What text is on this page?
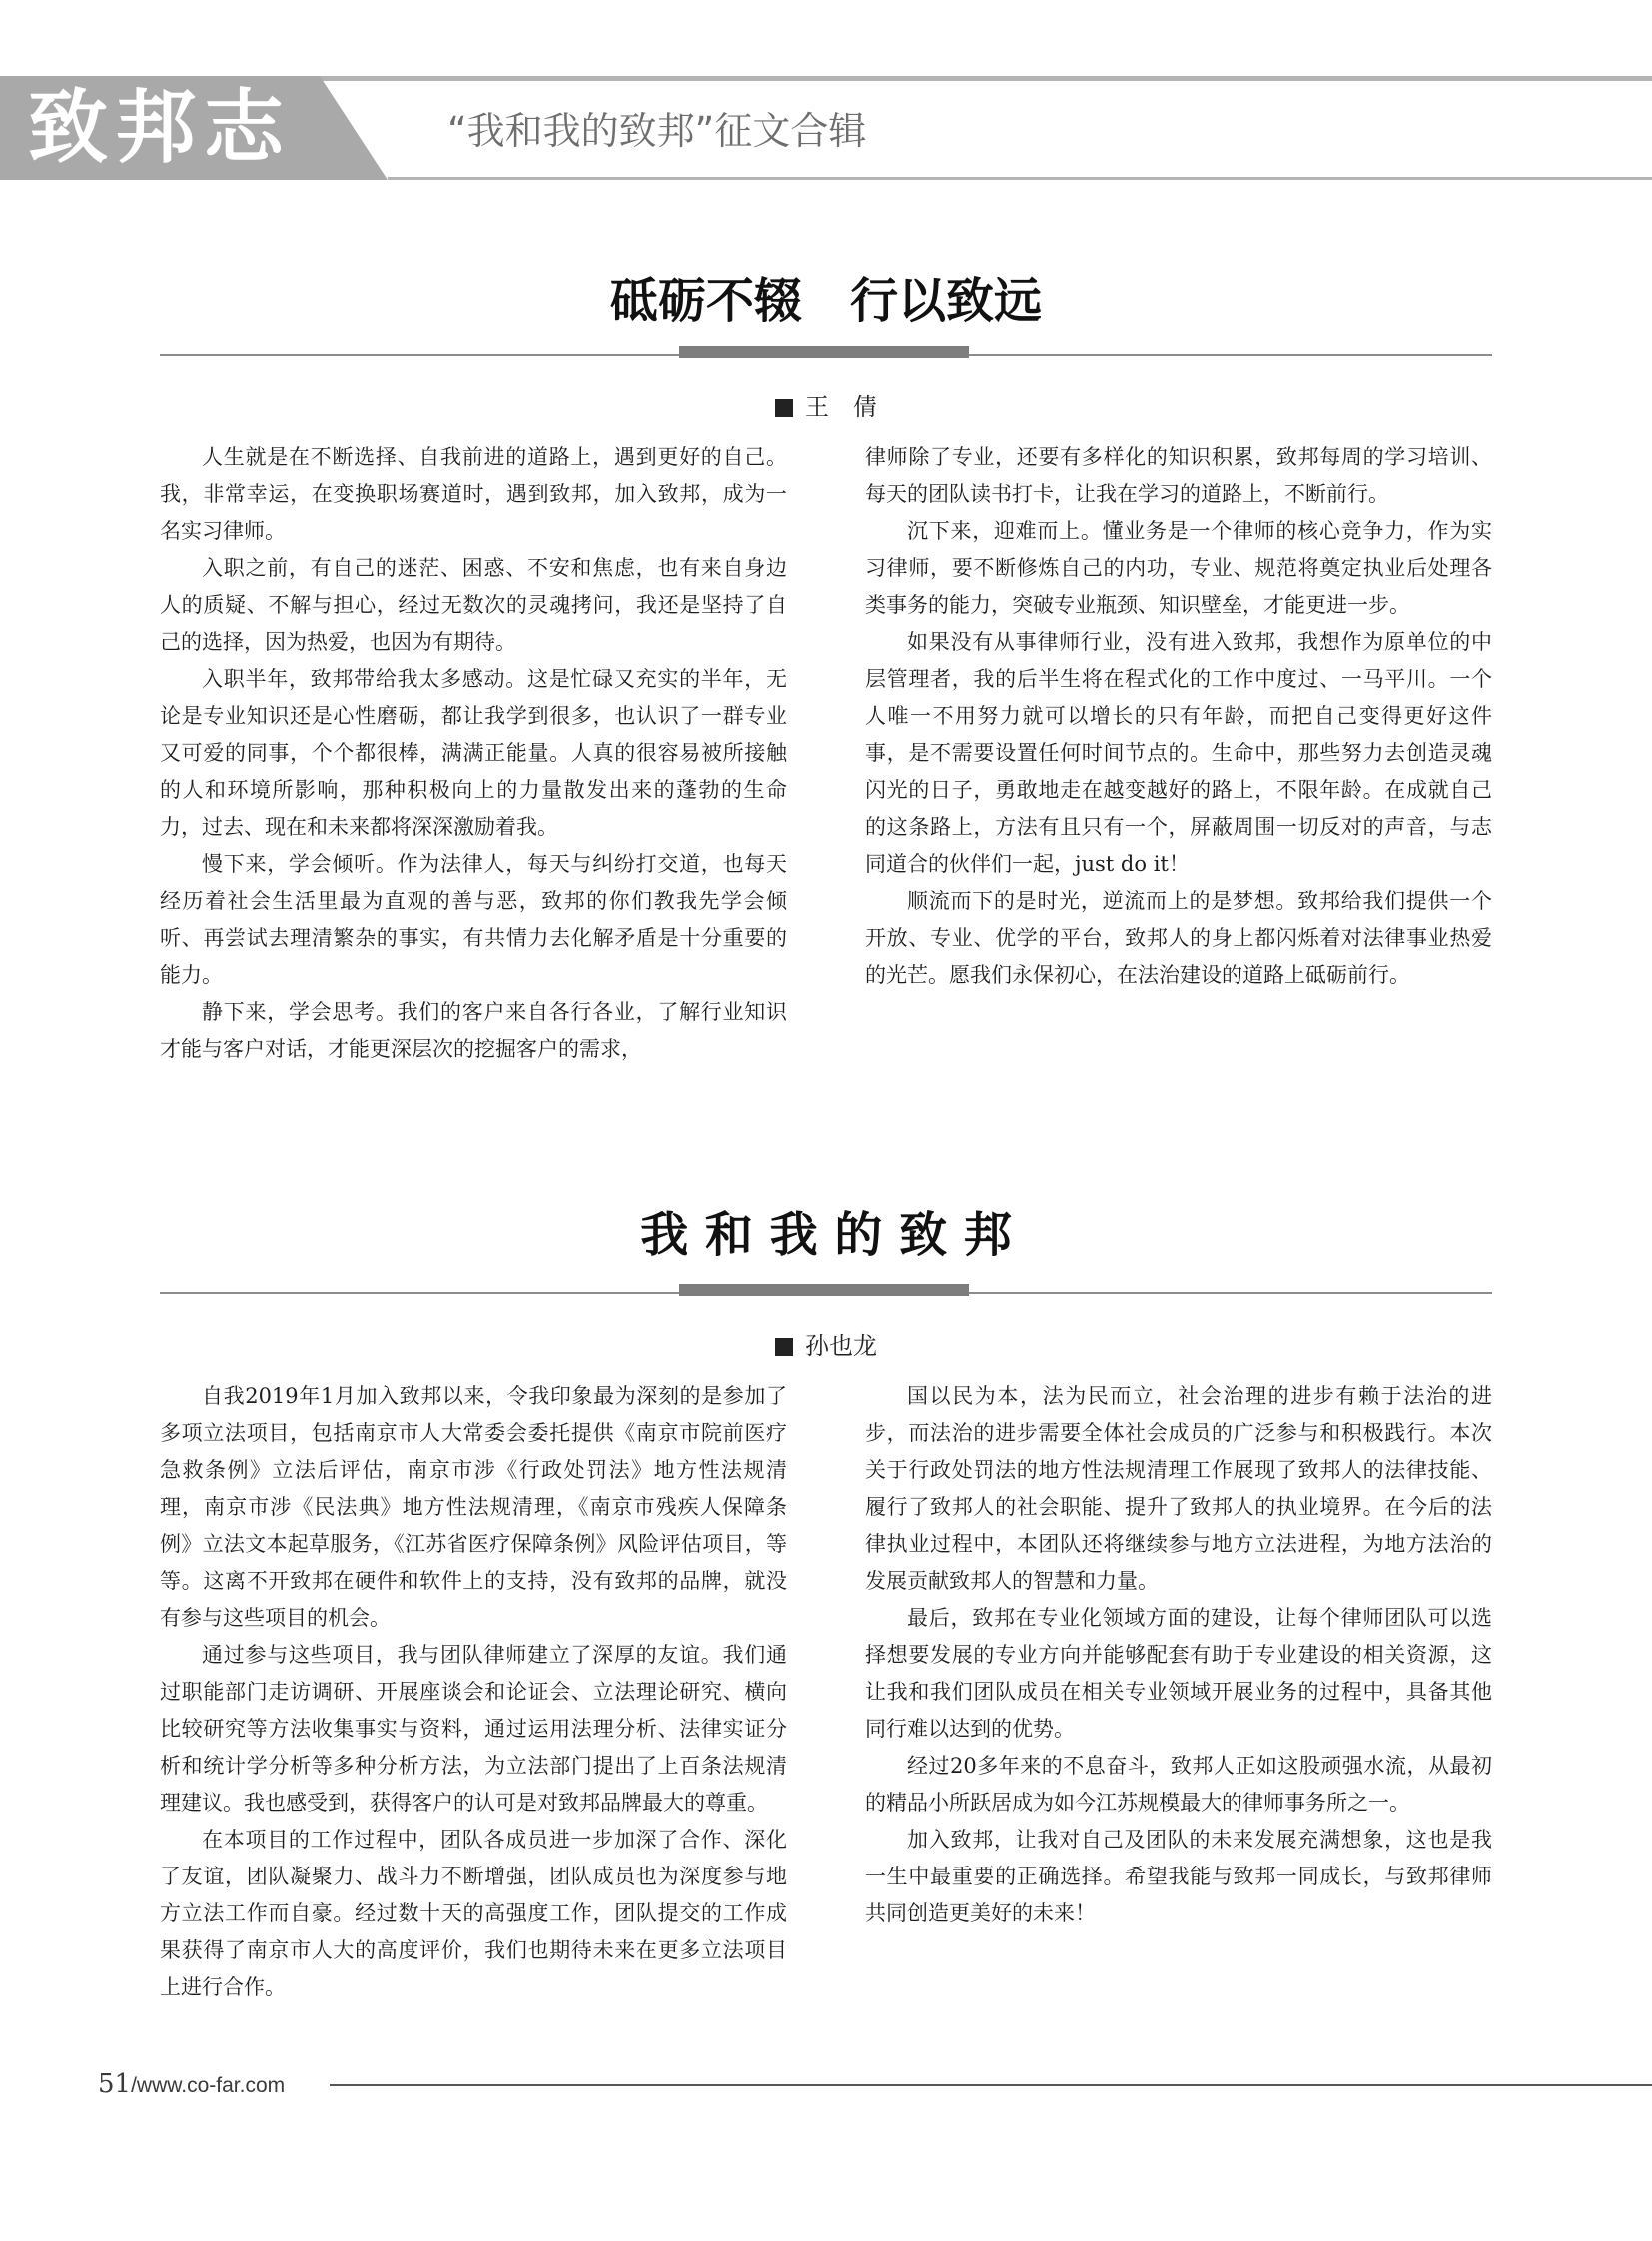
致邦志	“我和我的致邦”征文合辑
砥砺不辍　行以致远
王　倩

人生就是在不断选择、自我前进的道路上，遇到更好的自己。我，非常幸运，在变换职场赛道时，遇到致邦，加入致邦，成为一名实习律师。

入职之前，有自己的迷茫、困惑、不安和焦虑，也有来自身边人的质疑、不解与担心，经过无数次的灵魂拷问，我还是坚持了自己的选择，因为热爱，也因为有期待。

入职半年，致邦带给我太多感动。这是忙碌又充实的半年，无论是专业知识还是心性磨砺，都让我学到很多，也认识了一群专业又可爱的同事，个个都很棒，满满正能量。人真的很容易被所接触的人和环境所影响，那种积极向上的力量散发出来的蓬勃的生命力，过去、现在和未来都将深深激励着我。

慢下来，学会倾听。作为法律人，每天与纠纷打交道，也每天经历着社会生活里最为直观的善与恶，致邦的你们教我先学会倾听、再尝试去理清繁杂的事实，有共情力去化解矛盾是十分重要的能力。

静下来，学会思考。我们的客户来自各行各业，了解行业知识才能与客户对话，才能更深层次的挖掘客户的需求，

律师除了专业，还要有多样化的知识积累，致邦每周的学习培训、每天的团队读书打卡，让我在学习的道路上，不断前行。

沉下来，迎难而上。懂业务是一个律师的核心竞争力，作为实习律师，要不断修炼自己的内功，专业、规范将奠定执业后处理各类事务的能力，突破专业瓶颈、知识壁垒，才能更进一步。

如果没有从事律师行业，没有进入致邦，我想作为原单位的中层管理者，我的后半生将在程式化的工作中度过、一马平川。一个人唯一不用努力就可以增长的只有年龄，而把自己变得更好这件事，是不需要设置任何时间节点的。生命中，那些努力去创造灵魂闪光的日子，勇敢地走在越变越好的路上，不限年龄。在成就自己的这条路上，方法有且只有一个，屏蔽周围一切反对的声音，与志同道合的伙伴们一起，just do it！

顺流而下的是时光，逆流而上的是梦想。致邦给我们提供一个开放、专业、优学的平台，致邦人的身上都闪烁着对法律事业热爱的光芒。愿我们永保初心，在法治建设的道路上砥砺前行。

我 和 我 的 致 邦
孙也龙

自我2019年1月加入致邦以来，令我印象最为深刻的是参加了多项立法项目，包括南京市人大常委会委托提供《南京市院前医疗急救条例》立法后评估，南京市涉《行政处罚法》地方性法规清理，南京市涉《民法典》地方性法规清理，《南京市残疾人保障条例》立法文本起草服务，《江苏省医疗保障条例》风险评估项目，等等。这离不开致邦在硬件和软件上的支持，没有致邦的品牌，就没有参与这些项目的机会。

通过参与这些项目，我与团队律师建立了深厚的友谊。我们通过职能部门走访调研、开展座谈会和论证会、立法理论研究、横向比较研究等方法收集事实与资料，通过运用法理分析、法律实证分析和统计学分析等多种分析方法，为立法部门提出了上百条法规清理建议。我也感受到，获得客户的认可是对致邦品牌最大的尊重。

在本项目的工作过程中，团队各成员进一步加深了合作、深化了友谊，团队凝聚力、战斗力不断增强，团队成员也为深度参与地方立法工作而自豪。经过数十天的高强度工作，团队提交的工作成果获得了南京市人大的高度评价，我们也期待未来在更多立法项目上进行合作。

国以民为本，法为民而立，社会治理的进步有赖于法治的进步，而法治的进步需要全体社会成员的广泛参与和积极践行。本次关于行政处罚法的地方性法规清理工作展现了致邦人的法律技能、履行了致邦人的社会职能、提升了致邦人的执业境界。在今后的法律执业过程中，本团队还将继续参与地方立法进程，为地方法治的发展贡献致邦人的智慧和力量。

最后，致邦在专业化领域方面的建设，让每个律师团队可以选择想要发展的专业方向并能够配套有助于专业建设的相关资源，这让我和我们团队成员在相关专业领域开展业务的过程中，具备其他同行难以达到的优势。

经过20多年来的不息奋斗，致邦人正如这股顽强水流，从最初的精品小所跃居成为如今江苏规模最大的律师事务所之一。

加入致邦，让我对自己及团队的未来发展充满想象，这也是我一生中最重要的正确选择。希望我能与致邦一同成长，与致邦律师共同创造更美好的未来！

51/www.co-far.com
